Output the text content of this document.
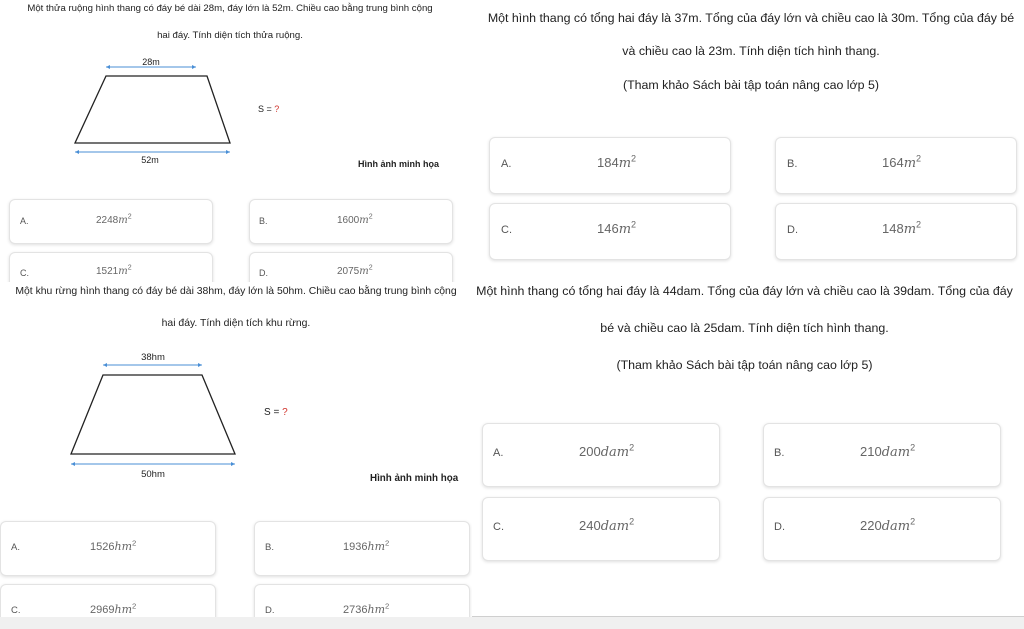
Một thửa ruộng hình thang có đáy bé dài 28m, đáy lớn là 52m. Chiều cao bằng trung bình cộng
hai đáy. Tính diện tích thửa ruộng.
28m
52m
S = ?
Hình ảnh minh họa
A.	$2248m^2$	B.	$1600m^2$
C.	$1521m^2$	D.	$2075m^2$
Một hình thang có tổng hai đáy là 37m. Tổng của đáy lớn và chiều cao là 30m. Tổng của đáy bé
và chiều cao là 23m. Tính diện tích hình thang.
(Tham khảo Sách bài tập toán nâng cao lớp 5)
A.	$184m^2$	B.	$164m^2$
C.	$146m^2$	D.	$148m^2$
Một khu rừng hình thang có đáy bé dài 38hm, đáy lớn là 50hm. Chiều cao bằng trung bình cộng
hai đáy. Tính diện tích khu rừng.
38hm
50hm
S = ?
Hình ảnh minh họa
A.	$1526hm^2$	B.	$1936hm^2$
C.	$2969hm^2$	D.	$2736hm^2$
Một hình thang có tổng hai đáy là 44dam. Tổng của đáy lớn và chiều cao là 39dam. Tổng của đáy
bé và chiều cao là 25dam. Tính diện tích hình thang.
(Tham khảo Sách bài tập toán nâng cao lớp 5)
A.	200dam$^2$	B.	210dam$^2$
C.	240dam$^2$	D.	220dam$^2$
